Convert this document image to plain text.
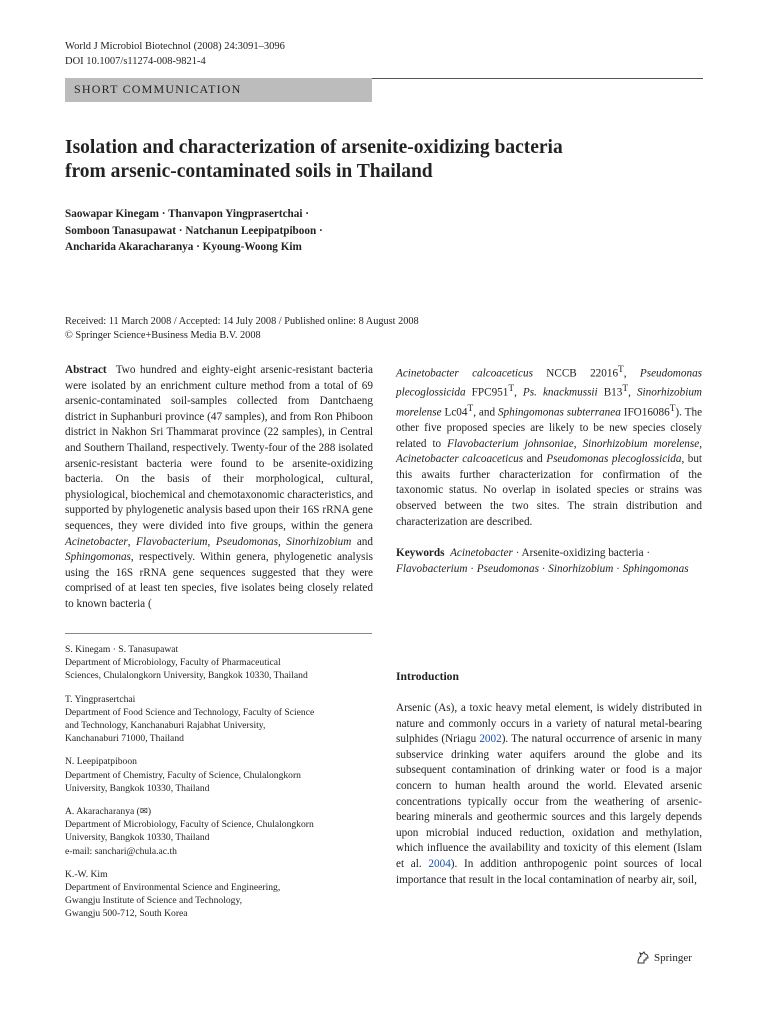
World J Microbiol Biotechnol (2008) 24:3091–3096
DOI 10.1007/s11274-008-9821-4
SHORT COMMUNICATION
Isolation and characterization of arsenite-oxidizing bacteria
from arsenic-contaminated soils in Thailand
Saowapar Kinegam · Thanvapon Yingprasertchai ·
Somboon Tanasupawat · Natchanun Leepipatpiboon ·
Ancharida Akaracharanya · Kyoung-Woong Kim
Received: 11 March 2008 / Accepted: 14 July 2008 / Published online: 8 August 2008
© Springer Science+Business Media B.V. 2008
Abstract Two hundred and eighty-eight arsenic-resistant bacteria were isolated by an enrichment culture method from a total of 69 arsenic-contaminated soil-samples collected from Dantchaeng district in Suphanburi province (47 samples), and from Ron Phiboon district in Nakhon Sri Thammarat province (22 samples), in Central and Southern Thailand, respectively. Twenty-four of the 288 isolated arsenic-resistant bacteria were found to be arsenite-oxidizing bacteria. On the basis of their morphological, cultural, physiological, biochemical and chemotaxonomic characteristics, and supported by phylogenetic analysis based upon their 16S rRNA gene sequences, they were divided into five groups, within the genera Acinetobacter, Flavobacterium, Pseudomonas, Sinorhizobium and Sphingomonas, respectively. Within genera, phylogenetic analysis using the 16S rRNA gene sequences suggested that they were comprised of at least ten species, five isolates being closely related to known bacteria (
Acinetobacter calcoaceticus NCCB $22016^T$, Pseudomonas plecoglossicida $FPC951^T$, Ps. knackmussii $B13^T$, Sinorhizobium morelense $Lc04^T$, and Sphingomonas subterranea $IFO16086^T$). The other five proposed species are likely to be new species closely related to Flavobacterium johnsoniae, Sinorhizobium morelense, Acinetobacter calcoaceticus and Pseudomonas plecoglossicida, but this awaits further characterization for confirmation of the taxonomic status. No overlap in isolated species or strains was observed between the two sites. The strain distribution and characterization are described.
Keywords Acinetobacter · Arsenite-oxidizing bacteria · Flavobacterium · Pseudomonas · Sinorhizobium · Sphingomonas
S. Kinegam · S. Tanasupawat
Department of Microbiology, Faculty of Pharmaceutical
Sciences, Chulalongkorn University, Bangkok 10330, Thailand
T. Yingprasertchai
Department of Food Science and Technology, Faculty of Science
and Technology, Kanchanaburi Rajabhat University,
Kanchanaburi 71000, Thailand
N. Leepipatpiboon
Department of Chemistry, Faculty of Science, Chulalongkorn
University, Bangkok 10330, Thailand
A. Akaracharanya (✉)
Department of Microbiology, Faculty of Science, Chulalongkorn
University, Bangkok 10330, Thailand
e-mail: sanchari@chula.ac.th
K.-W. Kim
Department of Environmental Science and Engineering,
Gwangju Institute of Science and Technology,
Gwangju 500-712, South Korea
Introduction
Arsenic (As), a toxic heavy metal element, is widely distributed in nature and commonly occurs in a variety of natural metal-bearing sulphides (Nriagu 2002). The natural occurrence of arsenic in many subservice drinking water aquifers around the globe and its subsequent contamination of drinking water or food is a major concern to human health around the world. Elevated arsenic concentrations typically occur from the weathering of arsenic-bearing minerals and geothermic sources and this largely depends upon microbial induced reduction, oxidation and methylation, which influence the availability and toxicity of this element (Islam et al. 2004). In addition anthropogenic point sources of local importance that result in the local contamination of nearby air, soil,
Springer
